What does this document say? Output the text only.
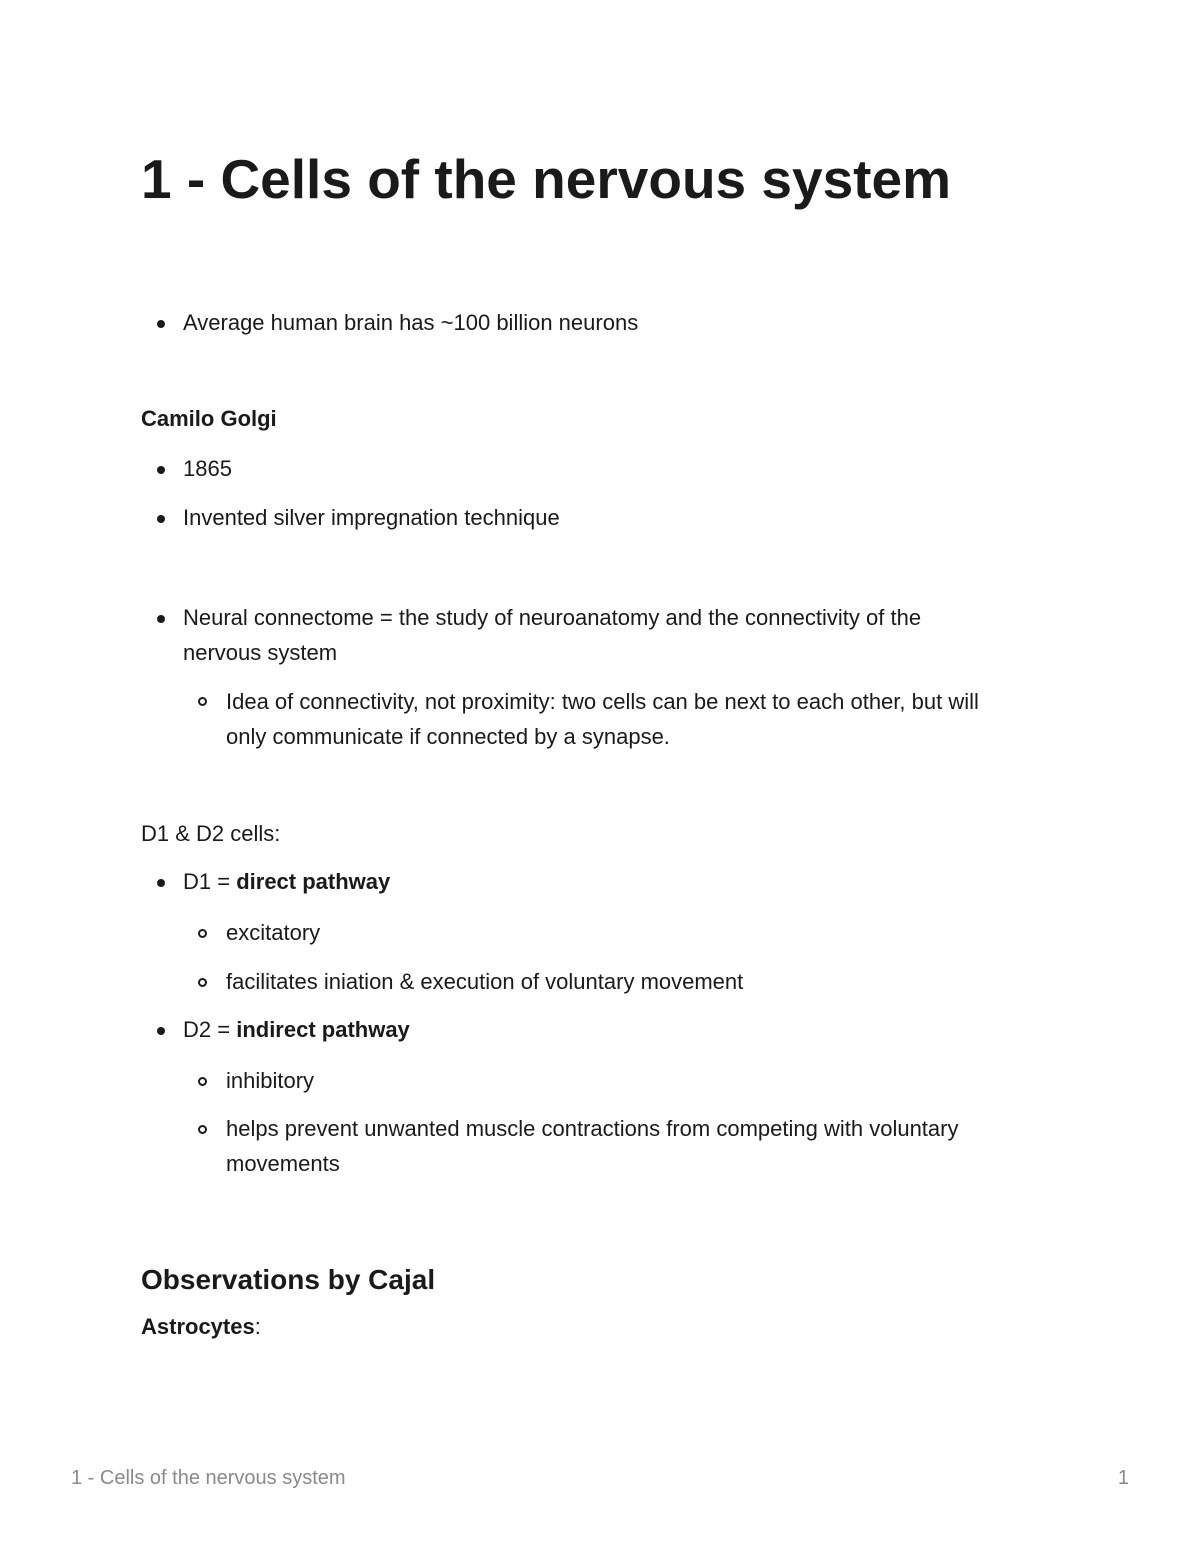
1 - Cells of the nervous system

Average human brain has ~100 billion neurons

Camilo Golgi

1865

Invented silver impregnation technique

Neural connectome = the study of neuroanatomy and the connectivity of the

nervous system

Idea of connectivity, not proximity: two cells can be next to each other, but will

only communicate if connected by a synapse.

D1 & D2 cells:

D1 = direct pathway

excitatory

facilitates iniation & execution of voluntary movement

D2 = indirect pathway

inhibitory

helps prevent unwanted muscle contractions from competing with voluntary

movements

Observations by Cajal

Astrocytes:

1 - Cells of the nervous system	1
